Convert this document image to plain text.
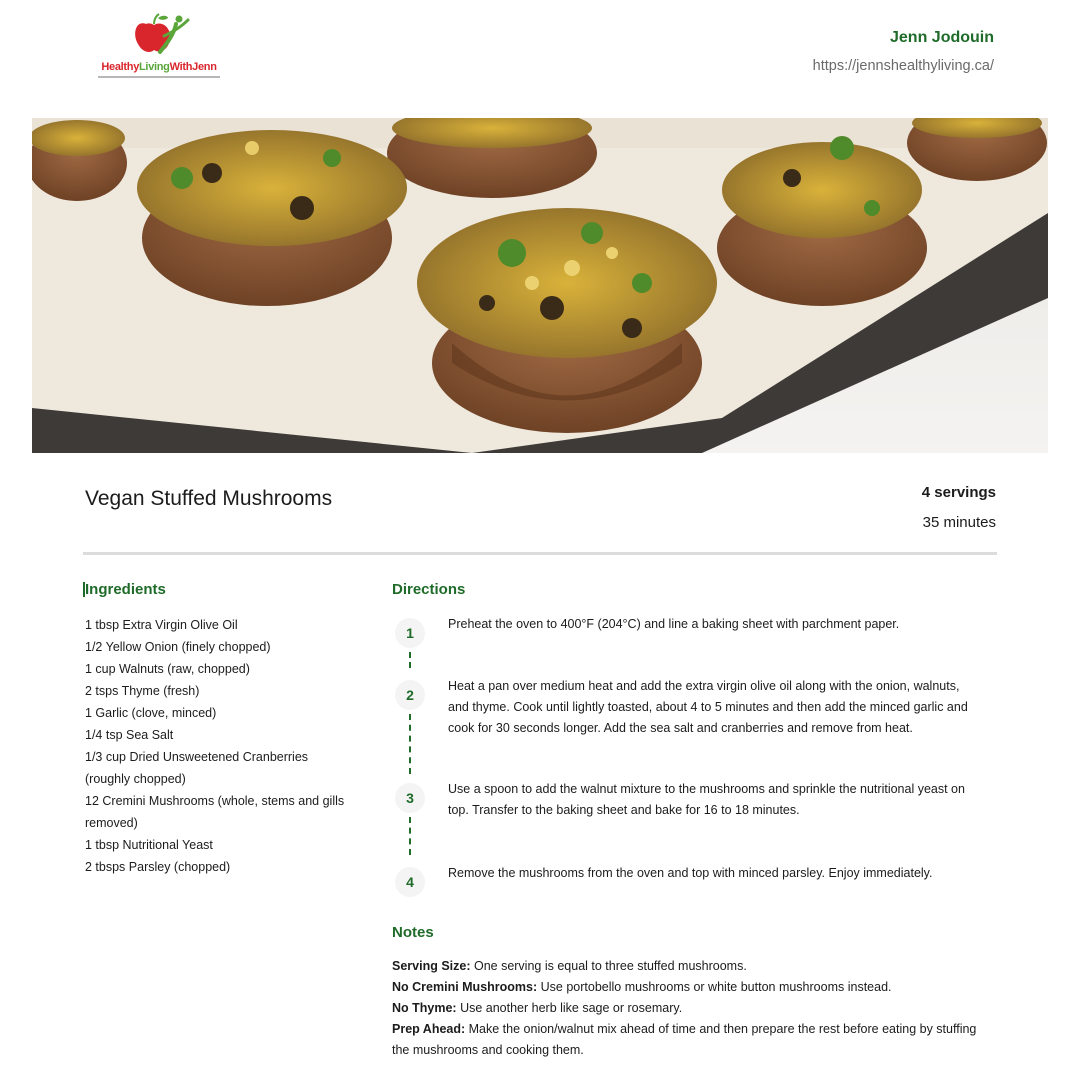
HealthyLivingWithJenn
Jenn Jodouin
https://jennshealthyliving.ca/
Vegan Stuffed Mushrooms	4 servings
35 minutes
Ingredients
1 tbsp Extra Virgin Olive Oil
1/2 Yellow Onion (finely chopped)
1 cup Walnuts (raw, chopped)
2 tsps Thyme (fresh)
1 Garlic (clove, minced)
1/4 tsp Sea Salt
1/3 cup Dried Unsweetened Cranberries (roughly chopped)
12 Cremini Mushrooms (whole, stems and gills removed)
1 tbsp Nutritional Yeast
2 tbsps Parsley (chopped)
Directions
1
Preheat the oven to 400°F (204°C) and line a baking sheet with parchment paper.
2
Heat a pan over medium heat and add the extra virgin olive oil along with the onion, walnuts, and thyme. Cook until lightly toasted, about 4 to 5 minutes and then add the minced garlic and cook for 30 seconds longer. Add the sea salt and cranberries and remove from heat.
3
Use a spoon to add the walnut mixture to the mushrooms and sprinkle the nutritional yeast on top. Transfer to the baking sheet and bake for 16 to 18 minutes.
4
Remove the mushrooms from the oven and top with minced parsley. Enjoy immediately.
Notes

Serving Size: One serving is equal to three stuffed mushrooms.

No Cremini Mushrooms: Use portobello mushrooms or white button mushrooms instead.

No Thyme: Use another herb like sage or rosemary.

Prep Ahead: Make the onion/walnut mix ahead of time and then prepare the rest before eating by stuffing the mushrooms and cooking them.
